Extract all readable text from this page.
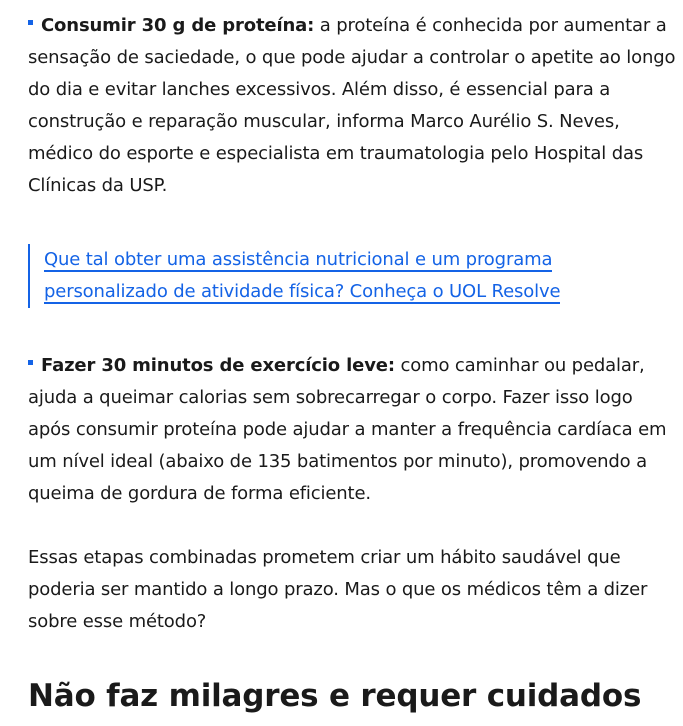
Consumir 30 g de proteína: a proteína é conhecida por aumentar a sensação de saciedade, o que pode ajudar a controlar o apetite ao longo do dia e evitar lanches excessivos. Além disso, é essencial para a construção e reparação muscular, informa Marco Aurélio S. Neves, médico do esporte e especialista em traumatologia pelo Hospital das Clínicas da USP.

Que tal obter uma assistência nutricional e um programa personalizado de atividade física? Conheça o UOL Resolve

Fazer 30 minutos de exercício leve: como caminhar ou pedalar, ajuda a queimar calorias sem sobrecarregar o corpo. Fazer isso logo após consumir proteína pode ajudar a manter a frequência cardíaca em um nível ideal (abaixo de 135 batimentos por minuto), promovendo a queima de gordura de forma eficiente.

Essas etapas combinadas prometem criar um hábito saudável que poderia ser mantido a longo prazo. Mas o que os médicos têm a dizer sobre esse método?

Não faz milagres e requer cuidados
